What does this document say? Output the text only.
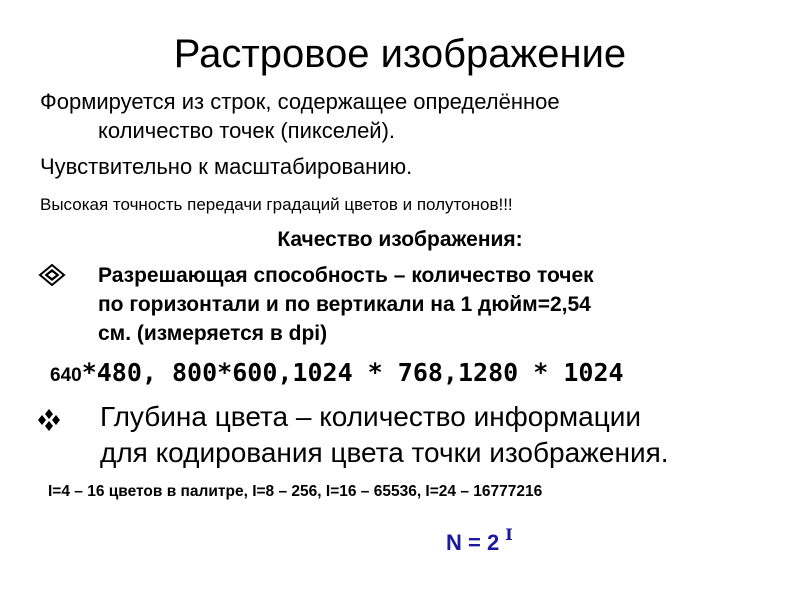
Растровое изображение
Формируется из строк, содержащее определённое
количество точек (пикселей).
Чувствительно к масштабированию.
Высокая точность передачи градаций цветов и полутонов!!!
Качество изображения:
Разрешающая способность – количество точек
по горизонтали и по вертикали на 1 дюйм=2,54
см. (измеряется в dpi)
640*480, 800*600,1024 * 768,1280 * 1024
Глубина цвета – количество информации
для кодирования цвета точки изображения.
I=4 – 16 цветов в палитре, I=8 – 256, I=16 – 65536, I=24 – 16777216
N = 2 $^I$
